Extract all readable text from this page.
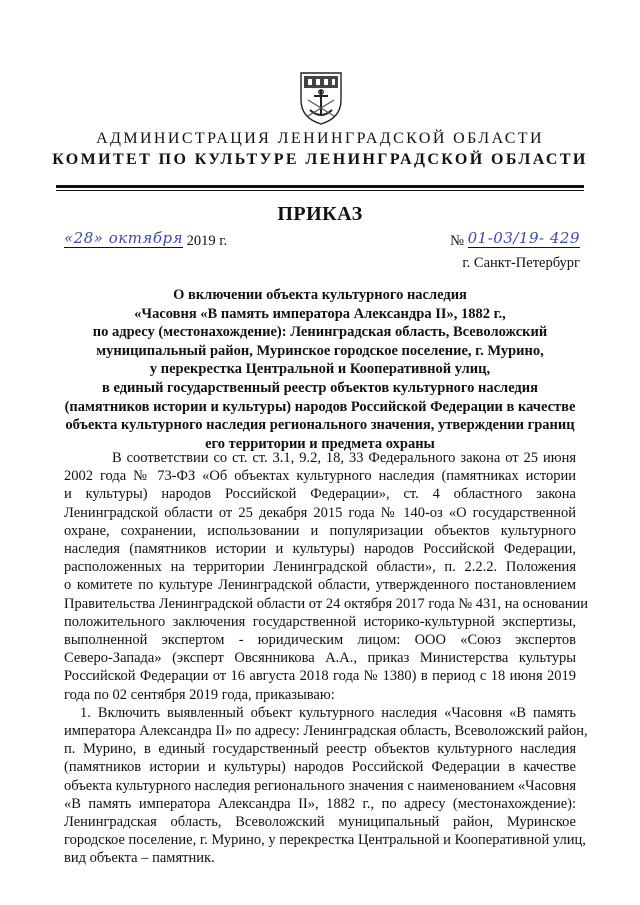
АДМИНИСТРАЦИЯ ЛЕНИНГРАДСКОЙ ОБЛАСТИ
КОМИТЕТ ПО КУЛЬТУРЕ ЛЕНИНГРАДСКОЙ ОБЛАСТИ
ПРИКАЗ
«28» октября 2019 г.	№ 01-03/19- 429
г. Санкт-Петербург
О включении объекта культурного наследия
«Часовня «В память императора Александра II», 1882 г.,
по адресу (местонахождение): Ленинградская область, Всеволожский
муниципальный район, Муринское городское поселение, г. Мурино,
у перекрестка Центральной и Кооперативной улиц,
в единый государственный реестр объектов культурного наследия
(памятников истории и культуры) народов Российской Федерации в качестве
объекта культурного наследия регионального значения, утверждении границ
его территории и предмета охраны
В соответствии со ст. ст. 3.1, 9.2, 18, 33 Федерального закона от 25 июня
2002 года № 73-ФЗ «Об объектах культурного наследия (памятниках истории
и культуры) народов Российской Федерации», ст. 4 областного закона
Ленинградской области от 25 декабря 2015 года № 140-оз «О государственной
охране, сохранении, использовании и популяризации объектов культурного
наследия (памятников истории и культуры) народов Российской Федерации,
расположенных на территории Ленинградской области», п. 2.2.2. Положения
о комитете по культуре Ленинградской области, утвержденного постановлением
Правительства Ленинградской области от 24 октября 2017 года № 431, на основании
положительного заключения государственной историко-культурной экспертизы,
выполненной экспертом - юридическим лицом: ООО «Союз экспертов
Северо-Запада» (эксперт Овсянникова А.А., приказ Министерства культуры
Российской Федерации от 16 августа 2018 года № 1380) в период с 18 июня 2019
года по 02 сентября 2019 года, приказываю:
1. Включить выявленный объект культурного наследия «Часовня «В память
императора Александра II» по адресу: Ленинградская область, Всеволожский район,
п. Мурино, в единый государственный реестр объектов культурного наследия
(памятников истории и культуры) народов Российской Федерации в качестве
объекта культурного наследия регионального значения с наименованием «Часовня
«В память императора Александра II», 1882 г., по адресу (местонахождение):
Ленинградская область, Всеволожский муниципальный район, Муринское
городское поселение, г. Мурино, у перекрестка Центральной и Кооперативной улиц,
вид объекта – памятник.
